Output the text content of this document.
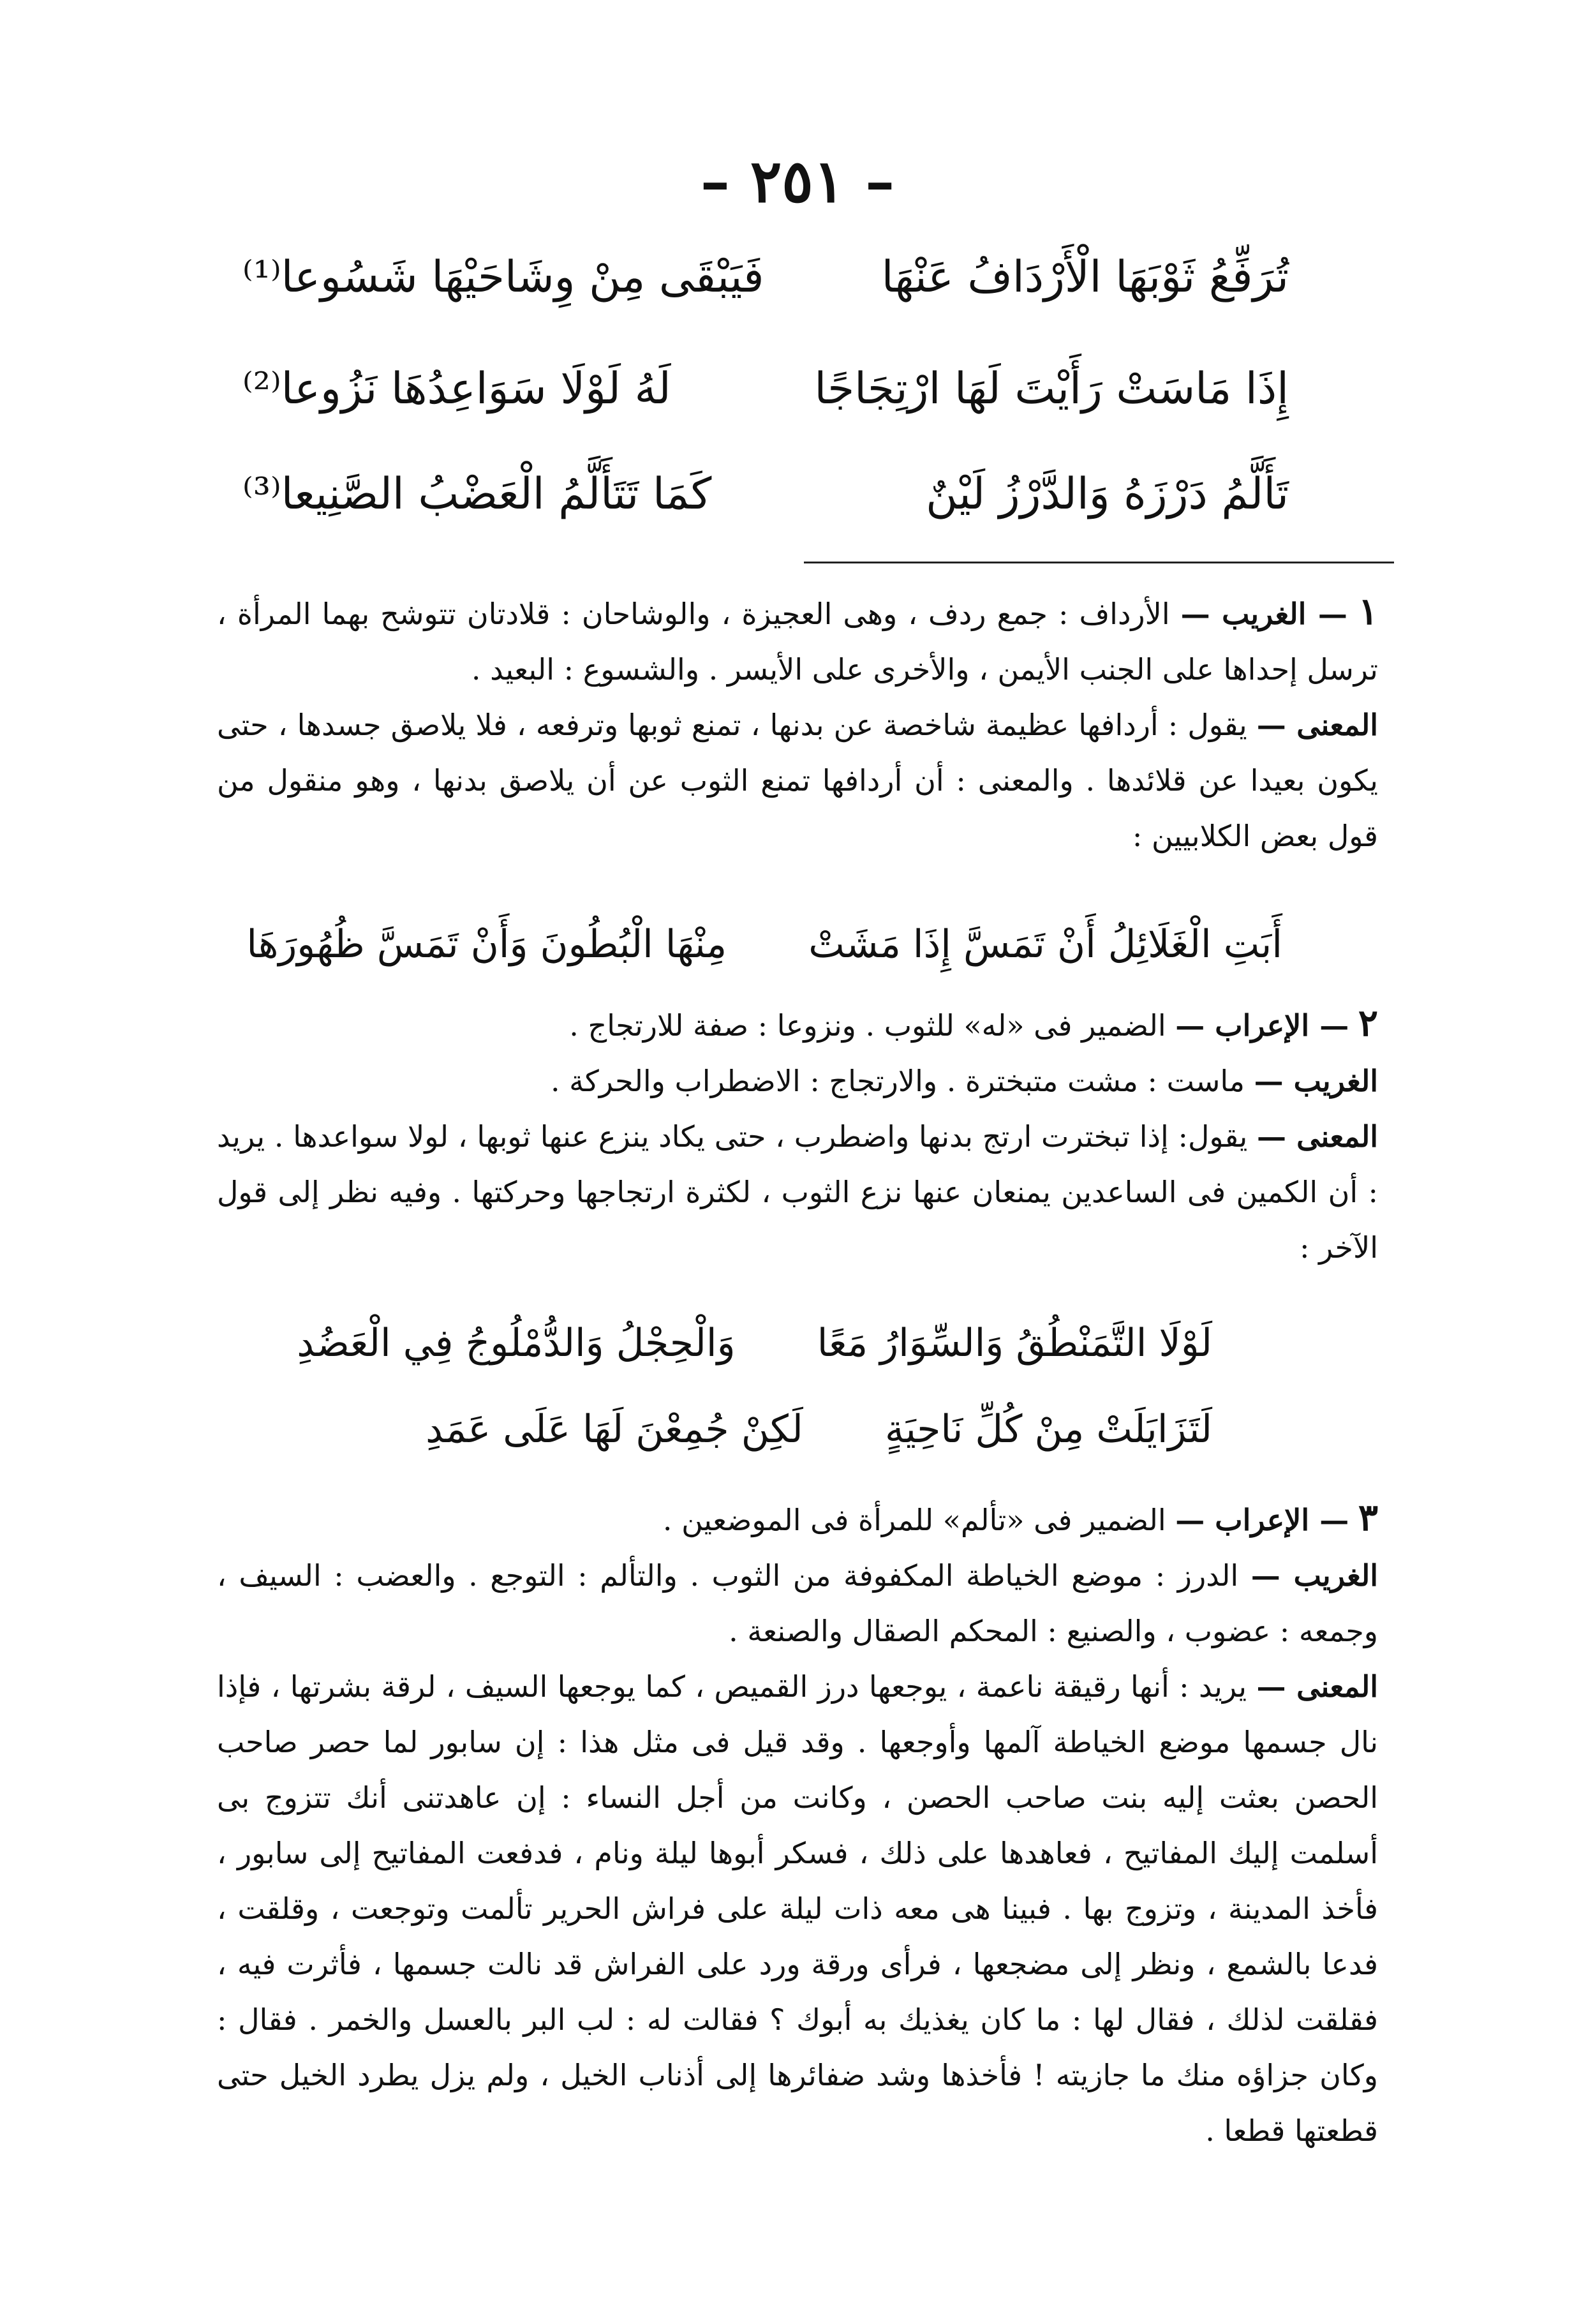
– ٢٥١ –
تُرَفِّعُ ثَوْبَهَا الْأَرْدَافُ عَنْهَا
فَيَبْقَى مِنْ وِشَاحَيْهَا شَسُوعا⁽¹⁾
إِذَا مَاسَتْ رَأَيْتَ لَهَا ارْتِجَاجًا
لَهُ لَوْلَا سَوَاعِدُهَا نَزُوعا⁽²⁾
تَأَلَّمُ دَرْزَهُ وَالدَّرْزُ لَيْنٌ
كَمَا تَتَأَلَّمُ الْعَضْبُ الصَّنِيعا⁽³⁾

١ — الغريب — الأرداف : جمع ردف ، وهى العجيزة ، والوشاحان : قلادتان تتوشح بهما المرأة ، ترسل إحداها على الجنب الأيمن ، والأخرى على الأيسر . والشسوع : البعيد .

المعنى — يقول : أردافها عظيمة شاخصة عن بدنها ، تمنع ثوبها وترفعه ، فلا يلاصق جسدها ، حتى يكون بعيدا عن قلائدها . والمعنى : أن أردافها تمنع الثوب عن أن يلاصق بدنها ، وهو منقول من قول بعض الكلابيين :

أَبَتِ الْغَلَائِلُ أَنْ تَمَسَّ إِذَا مَشَتْ  مِنْهَا الْبُطُونَ وَأَنْ تَمَسَّ ظُهُورَهَا

٢ — الإعراب — الضمير فى «له» للثوب . ونزوعا : صفة للارتجاج .

الغريب — ماست : مشت متبخترة . والارتجاج : الاضطراب والحركة .

المعنى — يقول: إذا تبخترت ارتج بدنها واضطرب ، حتى يكاد ينزع عنها ثوبها ، لولا سواعدها . يريد : أن الكمين فى الساعدين يمنعان عنها نزع الثوب ، لكثرة ارتجاجها وحركتها . وفيه نظر إلى قول الآخر :

لَوْلَا التَّمَنْطُقُ وَالسِّوَارُ مَعًا  وَالْحِجْلُ وَالدُّمْلُوجُ فِي الْعَضُدِ
لَتَزَايَلَتْ مِنْ كُلِّ نَاحِيَةٍ  لَكِنْ جُمِعْنَ لَهَا عَلَى عَمَدِ

٣ — الإعراب — الضمير فى «تألم» للمرأة فى الموضعين .

الغريب — الدرز : موضع الخياطة المكفوفة من الثوب . والتألم : التوجع . والعضب : السيف ، وجمعه : عضوب ، والصنيع : المحكم الصقال والصنعة .

المعنى — يريد : أنها رقيقة ناعمة ، يوجعها درز القميص ، كما يوجعها السيف ، لرقة بشرتها ، فإذا نال جسمها موضع الخياطة آلمها وأوجعها . وقد قيل فى مثل هذا : إن سابور لما حصر صاحب الحصن بعثت إليه بنت صاحب الحصن ، وكانت من أجل النساء : إن عاهدتنى أنك تتزوج بى أسلمت إليك المفاتيح ، فعاهدها على ذلك ، فسكر أبوها ليلة ونام ، فدفعت المفاتيح إلى سابور ، فأخذ المدينة ، وتزوج بها . فبينا هى معه ذات ليلة على فراش الحرير تألمت وتوجعت ، وقلقت ، فدعا بالشمع ، ونظر إلى مضجعها ، فرأى ورقة ورد على الفراش قد نالت جسمها ، فأثرت فيه ، فقلقت لذلك ، فقال لها : ما كان يغذيك به أبوك ؟ فقالت له : لب البر بالعسل والخمر . فقال : وكان جزاؤه منك ما جازيته ! فأخذها وشد ضفائرها إلى أذناب الخيل ، ولم يزل يطرد الخيل حتى قطعتها قطعا .
